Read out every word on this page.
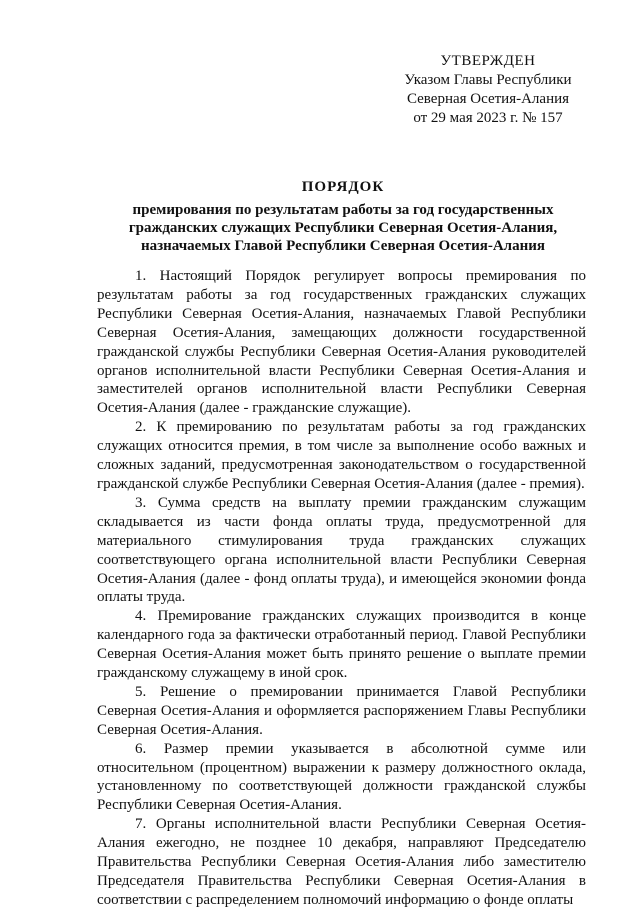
УТВЕРЖДЕН
Указом Главы Республики
Северная Осетия-Алания
от 29 мая 2023 г. № 157
ПОРЯДОК
премирования по результатам работы за год государственных
гражданских служащих Республики Северная Осетия-Алания,
назначаемых Главой Республики Северная Осетия-Алания

1. Настоящий Порядок регулирует вопросы премирования по результатам работы за год государственных гражданских служащих Республики Северная Осетия-Алания, назначаемых Главой Республики Северная Осетия-Алания, замещающих должности государственной гражданской службы Республики Северная Осетия-Алания руководителей органов исполнительной власти Республики Северная Осетия-Алания и заместителей органов исполнительной власти Республики Северная Осетия-Алания (далее - гражданские служащие).

2. К премированию по результатам работы за год гражданских служащих относится премия, в том числе за выполнение особо важных и сложных заданий, предусмотренная законодательством о государственной гражданской службе Республики Северная Осетия-Алания (далее - премия).

3. Сумма средств на выплату премии гражданским служащим складывается из части фонда оплаты труда, предусмотренной для материального стимулирования труда гражданских служащих соответствующего органа исполнительной власти Республики Северная Осетия-Алания (далее - фонд оплаты труда), и имеющейся экономии фонда оплаты труда.

4. Премирование гражданских служащих производится в конце календарного года за фактически отработанный период. Главой Республики Северная Осетия-Алания может быть принято решение о выплате премии гражданскому служащему в иной срок.

5. Решение о премировании принимается Главой Республики Северная Осетия-Алания и оформляется распоряжением Главы Республики Северная Осетия-Алания.

6. Размер премии указывается в абсолютной сумме или относительном (процентном) выражении к размеру должностного оклада, установленному по соответствующей должности гражданской службы Республики Северная Осетия-Алания.

7. Органы исполнительной власти Республики Северная Осетия-Алания ежегодно, не позднее 10 декабря, направляют Председателю Правительства Республики Северная Осетия-Алания либо заместителю Председателя Правительства Республики Северная Осетия-Алания в соответствии с распределением полномочий информацию о фонде оплаты
